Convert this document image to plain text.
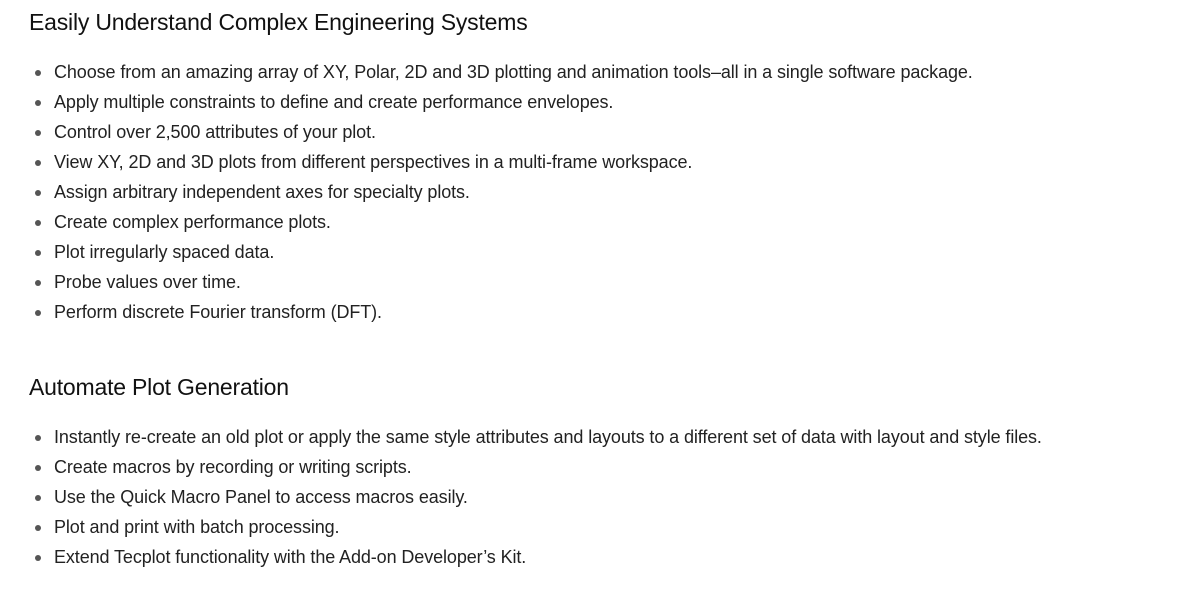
Easily Understand Complex Engineering Systems
Choose from an amazing array of XY, Polar, 2D and 3D plotting and animation tools–all in a single software package.
Apply multiple constraints to define and create performance envelopes.
Control over 2,500 attributes of your plot.
View XY, 2D and 3D plots from different perspectives in a multi-frame workspace.
Assign arbitrary independent axes for specialty plots.
Create complex performance plots.
Plot irregularly spaced data.
Probe values over time.
Perform discrete Fourier transform (DFT).
Automate Plot Generation
Instantly re-create an old plot or apply the same style attributes and layouts to a different set of data with layout and style files.
Create macros by recording or writing scripts.
Use the Quick Macro Panel to access macros easily.
Plot and print with batch processing.
Extend Tecplot functionality with the Add-on Developer’s Kit.
